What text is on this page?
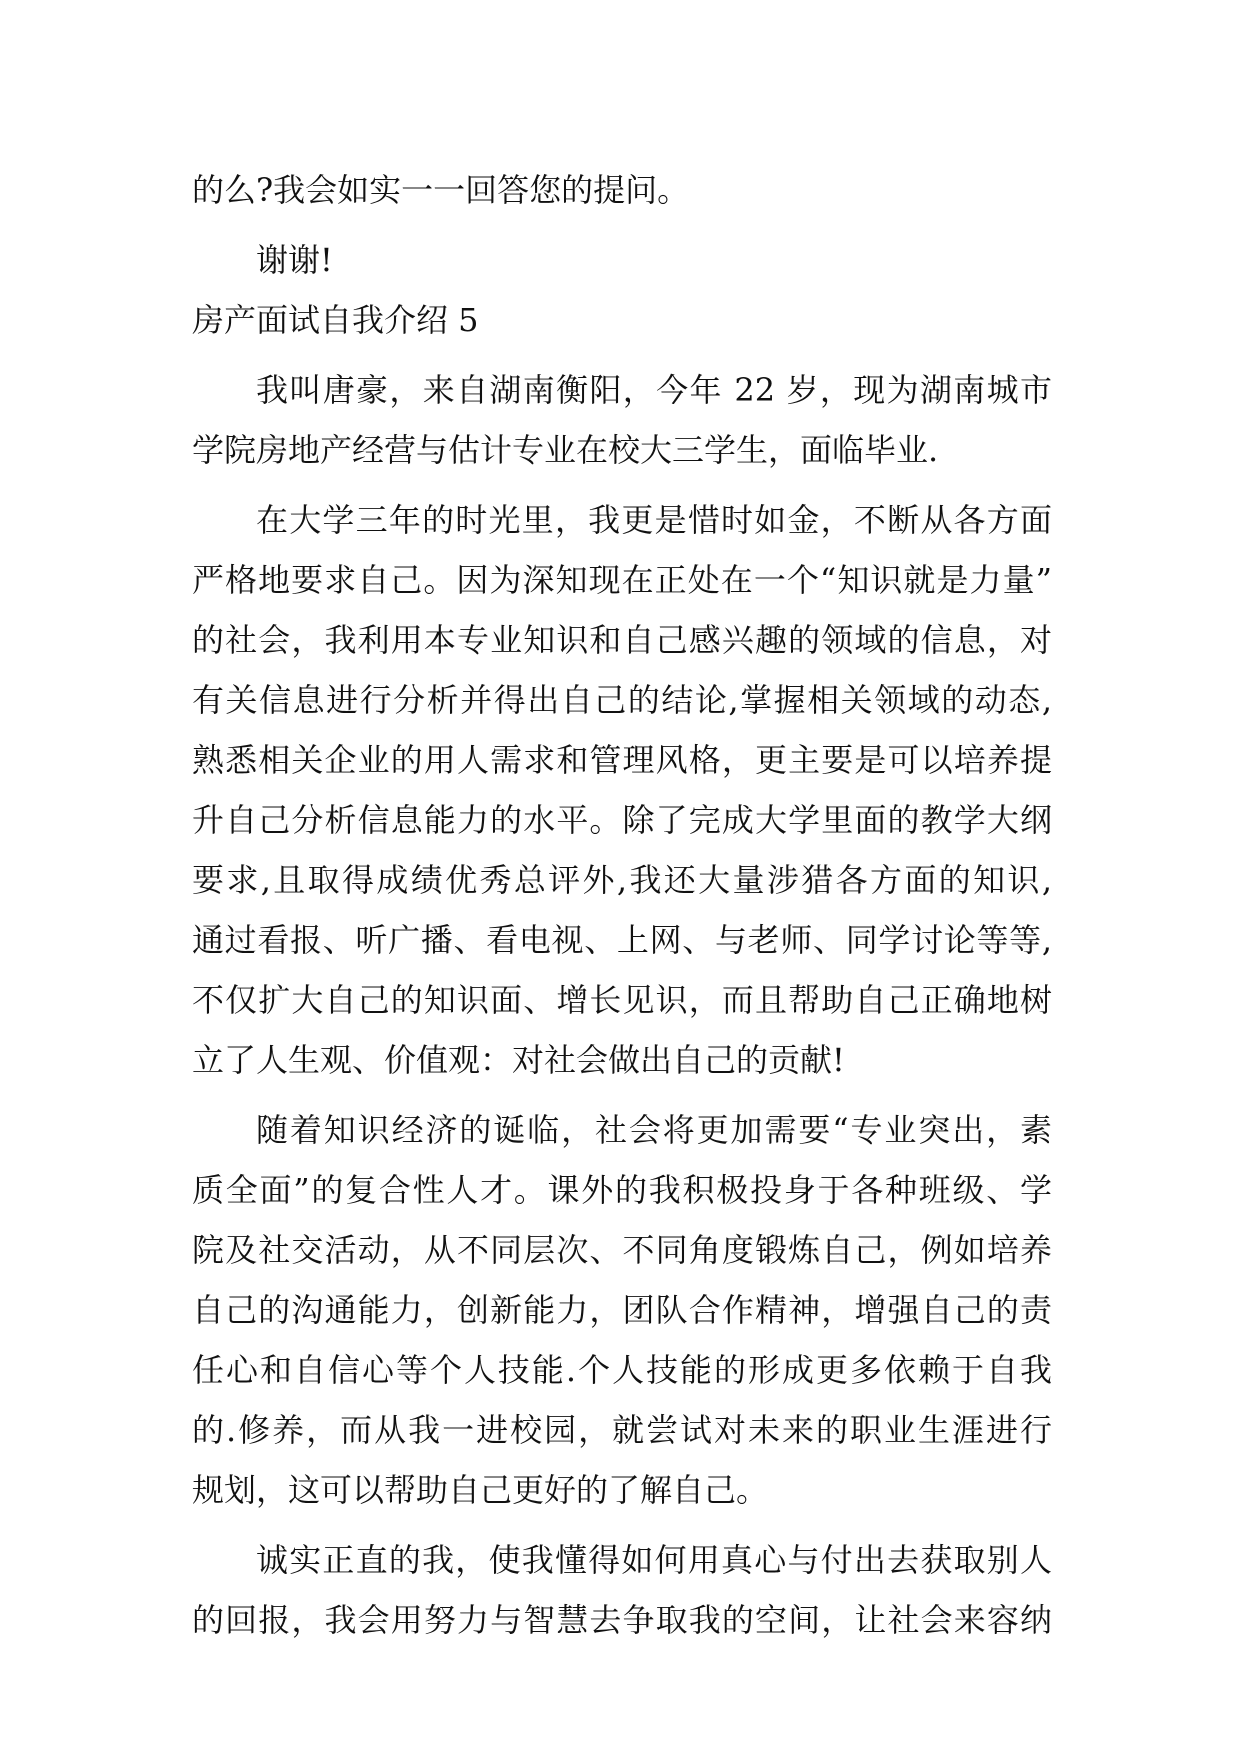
的么?我会如实一一回答您的提问。
谢谢!
房产面试自我介绍 5
我叫唐豪，来自湖南衡阳，今年 22 岁，现为湖南城市
学院房地产经营与估计专业在校大三学生，面临毕业.
在大学三年的时光里，我更是惜时如金，不断从各方面
严格地要求自己。因为深知现在正处在一个“知识就是力量”
的社会，我利用本专业知识和自己感兴趣的领域的信息，对
有关信息进行分析并得出自己的结论,掌握相关领域的动态,
熟悉相关企业的用人需求和管理风格，更主要是可以培养提
升自己分析信息能力的水平。除了完成大学里面的教学大纲
要求,且取得成绩优秀总评外,我还大量涉猎各方面的知识,
通过看报、听广播、看电视、上网、与老师、同学讨论等等,
不仅扩大自己的知识面、增长见识，而且帮助自己正确地树
立了人生观、价值观：对社会做出自己的贡献!
随着知识经济的诞临，社会将更加需要“专业突出，素
质全面”的复合性人才。课外的我积极投身于各种班级、学
院及社交活动，从不同层次、不同角度锻炼自己，例如培养
自己的沟通能力，创新能力，团队合作精神，增强自己的责
任心和自信心等个人技能.个人技能的形成更多依赖于自我
的.修养，而从我一进校园，就尝试对未来的职业生涯进行
规划，这可以帮助自己更好的了解自己。
诚实正直的我，使我懂得如何用真心与付出去获取别人
的回报，我会用努力与智慧去争取我的空间，让社会来容纳
